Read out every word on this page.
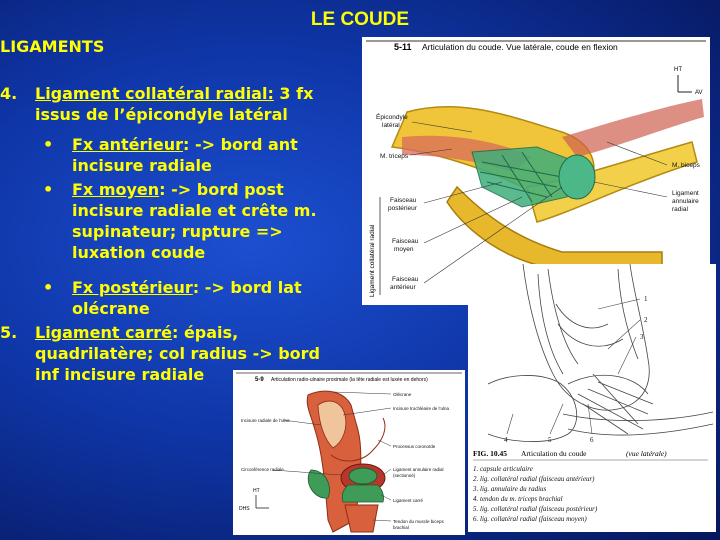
LE COUDE
LIGAMENTS
4. Ligament collatéral radial: 3 fx
issus de l’épicondyle latéral
• Fx antérieur: -> bord ant
incisure radiale
• Fx moyen: -> bord post
incisure radiale et crête m.
supinateur; rupture =>
luxation coude
• Fx postérieur: -> bord lat
olécrane
5. Ligament carré: épais,
quadrilatère; col radius -> bord
inf incisure radiale
5-11 Articulation du coude. Vue latérale, coude en flexion
HT
AV
Épicondyle
latéral
M. triceps
Faisceau
postérieur
Faisceau
moyen
Faisceau
antérieur
Ligament collatéral radial
M. biceps
Ligament
annulaire
radial
1
2
3
4	5	6
FIG. 10.45 Articulation du coude	(vue latérale)
1. capsule articulaire
2. lig. collatéral radial (faisceau antérieur)
3. lig. annulaire du radius
4. tendon du m. triceps brachial
5. lig. collatéral radial (faisceau postérieur)
6. lig. collatéral radial (faisceau moyen)
5-9 Articulation radio-ulnaire proximale (la tête radiale est luxée en dehors)
Incisure radiale de l’ulna
Circonférence radiale
Olécrane
Incisure trochléaire de l’ulna
Processus coronoïde
Ligament annulaire radial
(sectionné)
Ligament carré
Tendon du muscle biceps
brachial
HT
DHS
